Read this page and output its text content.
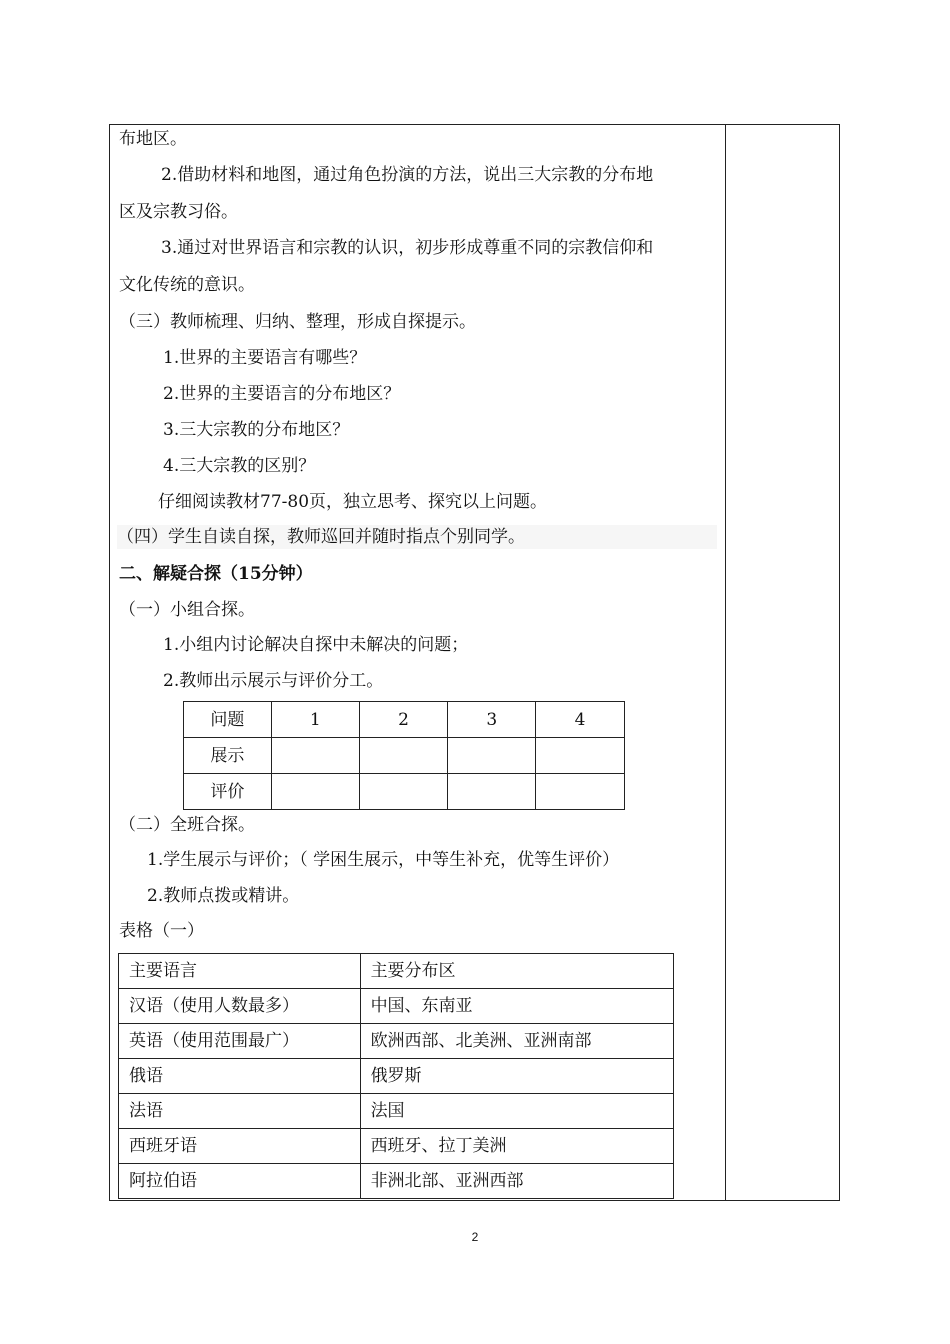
布地区。
2.借助材料和地图，通过角色扮演的方法，说出三大宗教的分布地
区及宗教习俗。
3.通过对世界语言和宗教的认识，初步形成尊重不同的宗教信仰和
文化传统的意识。
（三）教师梳理、归纳、整理，形成自探提示。
1.世界的主要语言有哪些？
2.世界的主要语言的分布地区？
3.三大宗教的分布地区？
4.三大宗教的区别？
仔细阅读教材77-80页，独立思考、探究以上问题。
（四）学生自读自探，教师巡回并随时指点个别同学。
二、解疑合探（15分钟）
（一）小组合探。
1.小组内讨论解决自探中未解决的问题；
2.教师出示展示与评价分工。
问题	1	2	3	4
展示				
评价				
（二）全班合探。
1.学生展示与评价；（ 学困生展示，中等生补充，优等生评价）
2.教师点拨或精讲。
表格（一）
主要语言	主要分布区
汉语（使用人数最多）	中国、东南亚
英语（使用范围最广）	欧洲西部、北美洲、亚洲南部
俄语	俄罗斯
法语	法国
西班牙语	西班牙、拉丁美洲
阿拉伯语	非洲北部、亚洲西部
2
